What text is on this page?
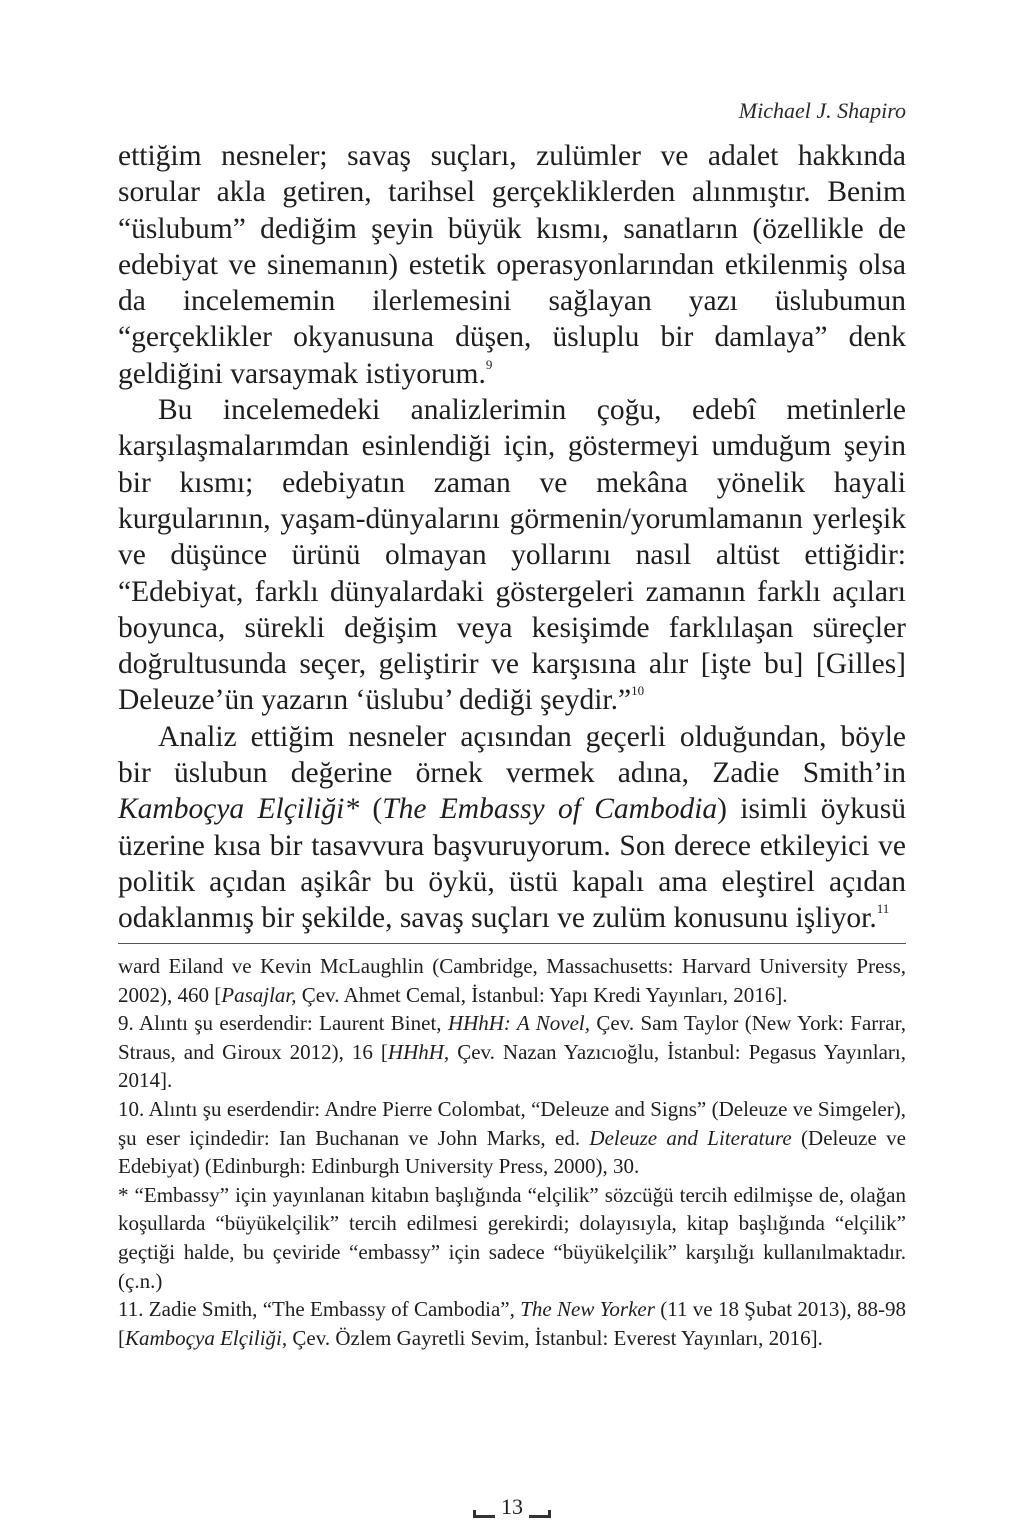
Michael J. Shapiro

ettiğim nesneler; savaş suçları, zulümler ve adalet hakkında sorular akla getiren, tarihsel gerçekliklerden alınmıştır. Benim “üslubum” dediğim şeyin büyük kısmı, sanatların (özellikle de edebiyat ve sinemanın) estetik operasyonlarından etkilenmiş olsa da incelememin ilerlemesini sağlayan yazı üslubumun “gerçeklikler okyanusuna düşen, üsluplu bir damlaya” denk geldiğini varsaymak istiyorum.$^9$

Bu incelemedeki analizlerimin çoğu, edebî metinlerle karşılaşmalarımdan esinlendiği için, göstermeyi umduğum şeyin bir kısmı; edebiyatın zaman ve mekâna yönelik hayali kurgularının, yaşam-dünyalarını görmenin/yorumlamanın yerleşik ve düşünce ürünü olmayan yollarını nasıl altüst ettiğidir: “Edebiyat, farklı dünyalardaki göstergeleri zamanın farklı açıları boyunca, sürekli değişim veya kesişimde farklılaşan süreçler doğrultusunda seçer, geliştirir ve karşısına alır [işte bu] [Gilles] Deleuze’ün yazarın ‘üslubu’ dediği şeydir.”$^{10}$

Analiz ettiğim nesneler açısından geçerli olduğundan, böyle bir üslubun değerine örnek vermek adına, Zadie Smith’in Kamboçya Elçiliği* (The Embassy of Cambodia) isimli öykusü üzerine kısa bir tasavvura başvuruyorum. Son derece etkileyici ve politik açıdan aşikâr bu öykü, üstü kapalı ama eleştirel açıdan odaklanmış bir şekilde, savaş suçları ve zulüm konusunu işliyor.$^{11}$

ward Eiland ve Kevin McLaughlin (Cambridge, Massachusetts: Harvard University Press, 2002), 460 [Pasajlar, Çev. Ahmet Cemal, İstanbul: Yapı Kredi Yayınları, 2016].

9. Alıntı şu eserdendir: Laurent Binet, HHhH: A Novel, Çev. Sam Taylor (New York: Farrar, Straus, and Giroux 2012), 16 [HHhH, Çev. Nazan Yazıcıoğlu, İstanbul: Pegasus Yayınları, 2014].

10. Alıntı şu eserdendir: Andre Pierre Colombat, “Deleuze and Signs” (Deleuze ve Simgeler), şu eser içindedir: Ian Buchanan ve John Marks, ed. Deleuze and Literature (Deleuze ve Edebiyat) (Edinburgh: Edinburgh University Press, 2000), 30.

* “Embassy” için yayınlanan kitabın başlığında “elçilik” sözcüğü tercih edilmişse de, olağan koşullarda “büyükelçilik” tercih edilmesi gerekirdi; dolayısıyla, kitap başlığında “elçilik” geçtiği halde, bu çeviride “embassy” için sadece “büyükelçilik” karşılığı kullanılmaktadır. (ç.n.)

11. Zadie Smith, “The Embassy of Cambodia”, The New Yorker (11 ve 18 Şubat 2013), 88-98 [Kamboçya Elçiliği, Çev. Özlem Gayretli Sevim, İstanbul: Everest Yayınları, 2016].

13
